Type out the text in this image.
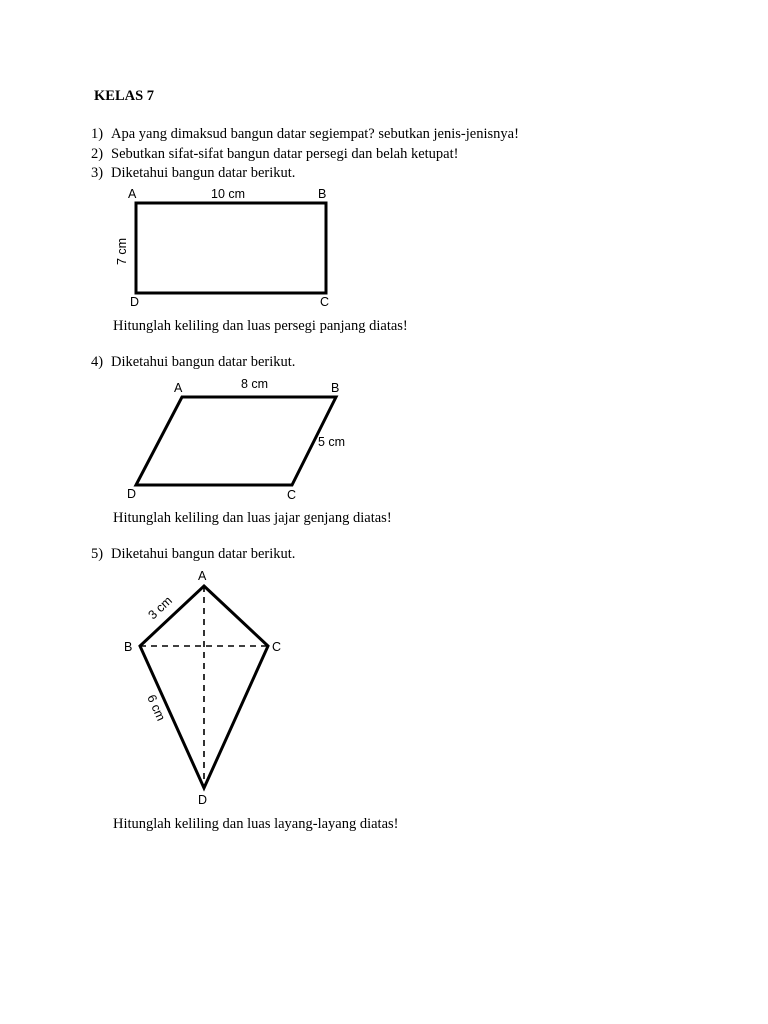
KELAS 7
1) Apa yang dimaksud bangun datar segiempat? sebutkan jenis-jenisnya!
2) Sebutkan sifat-sifat bangun datar persegi dan belah ketupat!
3) Diketahui bangun datar berikut.
A	B
C
D
10 cm
7 cm
A	B
C
D
8 cm
5 cm
A
B	C
D
3 cm
6 cm
Hitunglah keliling dan luas persegi panjang diatas!
4) Diketahui bangun datar berikut.
Hitunglah keliling dan luas jajar genjang diatas!
5) Diketahui bangun datar berikut.
Hitunglah keliling dan luas layang-layang diatas!
